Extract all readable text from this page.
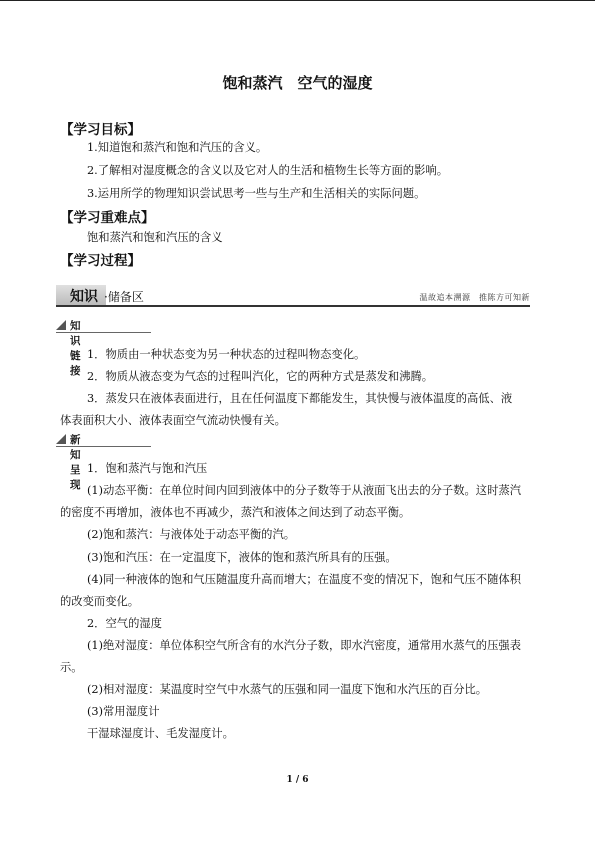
饱和蒸汽　空气的湿度
【学习目标】
1.知道饱和蒸汽和饱和汽压的含义。
2.了解相对湿度概念的含义以及它对人的生活和植物生长等方面的影响。
3.运用所学的物理知识尝试思考一些与生产和生活相关的实际问题。
【学习重难点】
饱和蒸汽和饱和汽压的含义
【学习过程】
知识 ·储备区	温故追本溯源　推陈方可知新
知识链接
1．物质由一种状态变为另一种状态的过程叫物态变化。
2．物质从液态变为气态的过程叫汽化，它的两种方式是蒸发和沸腾。
3．蒸发只在液体表面进行，且在任何温度下都能发生，其快慢与液体温度的高低、液
体表面积大小、液体表面空气流动快慢有关。
新知呈现
1．饱和蒸汽与饱和汽压
(1)动态平衡：在单位时间内回到液体中的分子数等于从液面飞出去的分子数。这时蒸汽
的密度不再增加，液体也不再减少，蒸汽和液体之间达到了动态平衡。
(2)饱和蒸汽：与液体处于动态平衡的汽。
(3)饱和汽压：在一定温度下，液体的饱和蒸汽所具有的压强。
(4)同一种液体的饱和气压随温度升高而增大；在温度不变的情况下，饱和气压不随体积
的改变而变化。
2．空气的湿度
(1)绝对湿度：单位体积空气所含有的水汽分子数，即水汽密度，通常用水蒸气的压强表
示。
(2)相对湿度：某温度时空气中水蒸气的压强和同一温度下饱和水汽压的百分比。
(3)常用湿度计
干湿球湿度计、毛发湿度计。
1 / 6
